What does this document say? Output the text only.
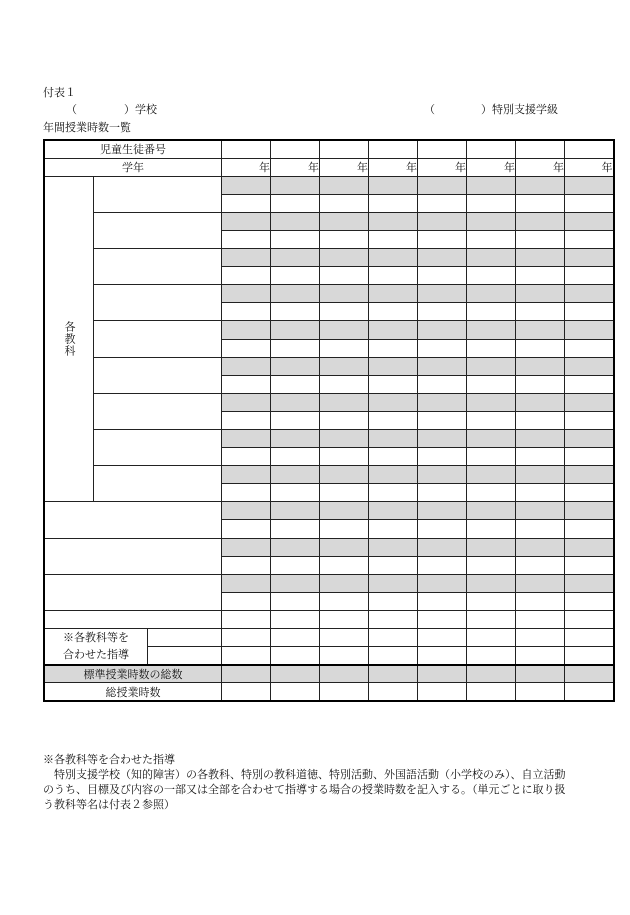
付表１
（	）学校	（	）特別支援学級
年間授業時数一覧
児童生徒番号										
学年			年	年	年	年	年	年	年	年
各教科										

※各教科等を
合わせた指導										

標準授業時数の総数										
総授業時数										
※各教科等を合わせた指導
特別支援学校（知的障害）の各教科、特別の教科道徳、特別活動、外国語活動（小学校のみ）、自立活動
のうち、目標及び内容の一部又は全部を合わせて指導する場合の授業時数を記入する。（単元ごとに取り扱
う教科等名は付表２参照）
